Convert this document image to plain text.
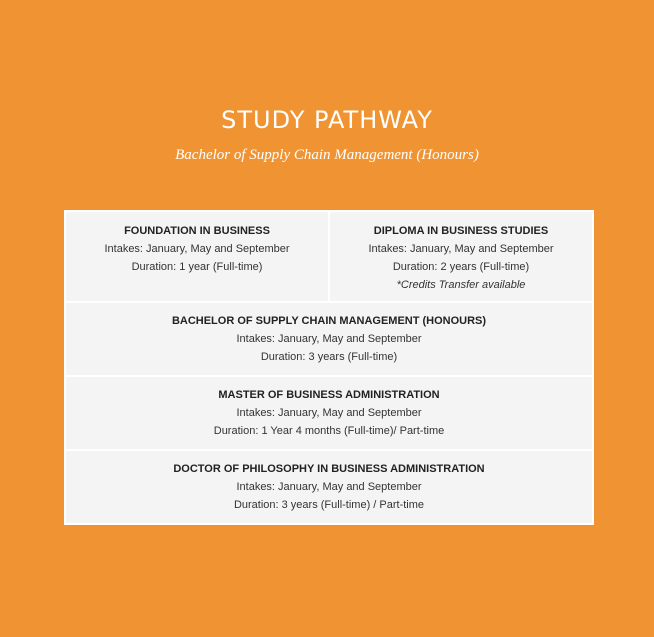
STUDY PATHWAY

Bachelor of Supply Chain Management (Honours)

FOUNDATION IN BUSINESS
Intakes: January, May and September
Duration: 1 year (Full-time)
DIPLOMA IN BUSINESS STUDIES
Intakes: January, May and September
Duration: 2 years (Full-time)
*Credits Transfer available
BACHELOR OF SUPPLY CHAIN MANAGEMENT (HONOURS)
Intakes: January, May and September
Duration: 3 years (Full-time)
MASTER OF BUSINESS ADMINISTRATION
Intakes: January, May and September
Duration: 1 Year 4 months (Full-time)/ Part-time
DOCTOR OF PHILOSOPHY IN BUSINESS ADMINISTRATION
Intakes: January, May and September
Duration: 3 years (Full-time) / Part-time
